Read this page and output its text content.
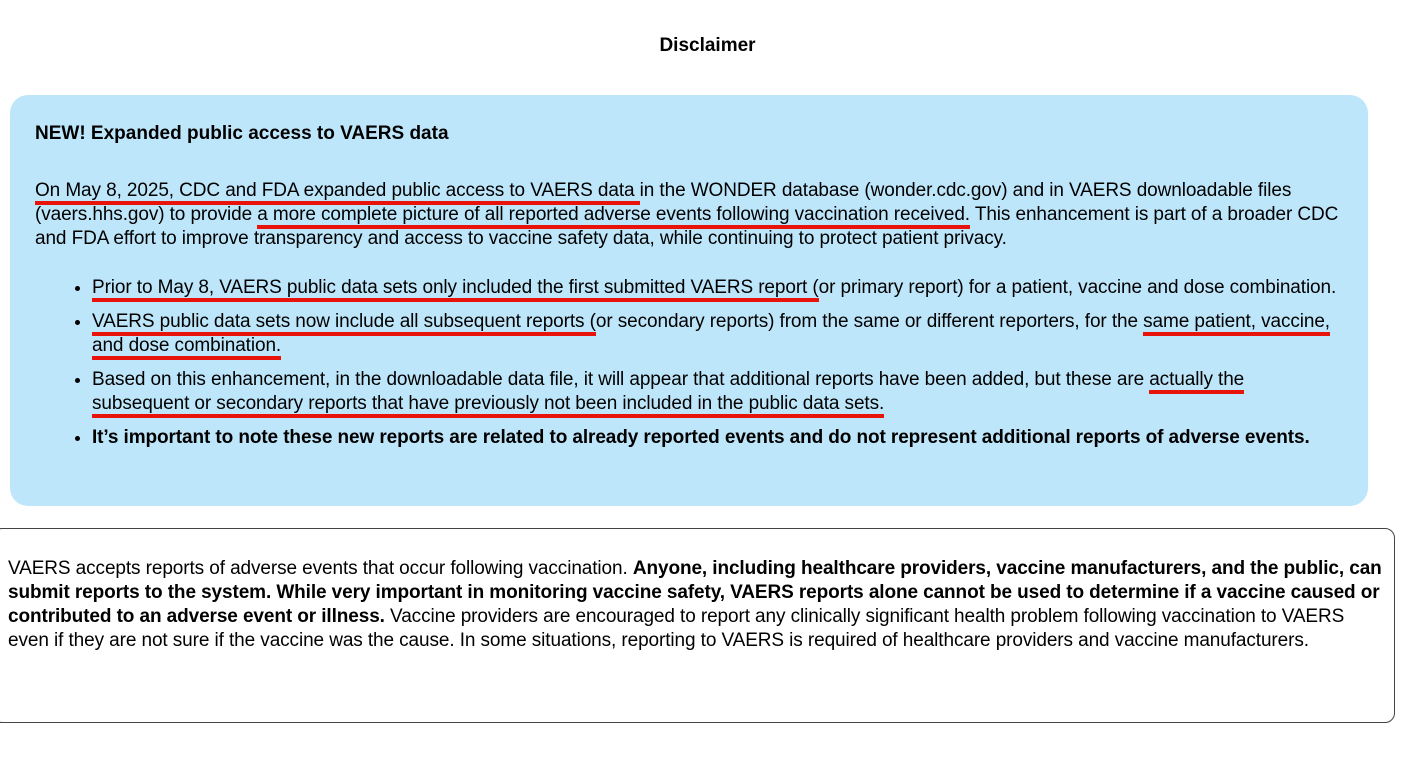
Disclaimer
NEW! Expanded public access to VAERS data

On May 8, 2025, CDC and FDA expanded public access to VAERS data in the WONDER database (wonder.cdc.gov) and in VAERS downloadable files (vaers.hhs.gov) to provide a more complete picture of all reported adverse events following vaccination received. This enhancement is part of a broader CDC and FDA effort to improve transparency and access to vaccine safety data, while continuing to protect patient privacy.

• Prior to May 8, VAERS public data sets only included the first submitted VAERS report (or primary report) for a patient, vaccine and dose combination.
• VAERS public data sets now include all subsequent reports (or secondary reports) from the same or different reporters, for the same patient, vaccine, and dose combination.
• Based on this enhancement, in the downloadable data file, it will appear that additional reports have been added, but these are actually the subsequent or secondary reports that have previously not been included in the public data sets.
• It’s important to note these new reports are related to already reported events and do not represent additional reports of adverse events.

VAERS accepts reports of adverse events that occur following vaccination. Anyone, including healthcare providers, vaccine manufacturers, and the public, can submit reports to the system. While very important in monitoring vaccine safety, VAERS reports alone cannot be used to determine if a vaccine caused or contributed to an adverse event or illness. Vaccine providers are encouraged to report any clinically significant health problem following vaccination to VAERS even if they are not sure if the vaccine was the cause. In some situations, reporting to VAERS is required of healthcare providers and vaccine manufacturers.
